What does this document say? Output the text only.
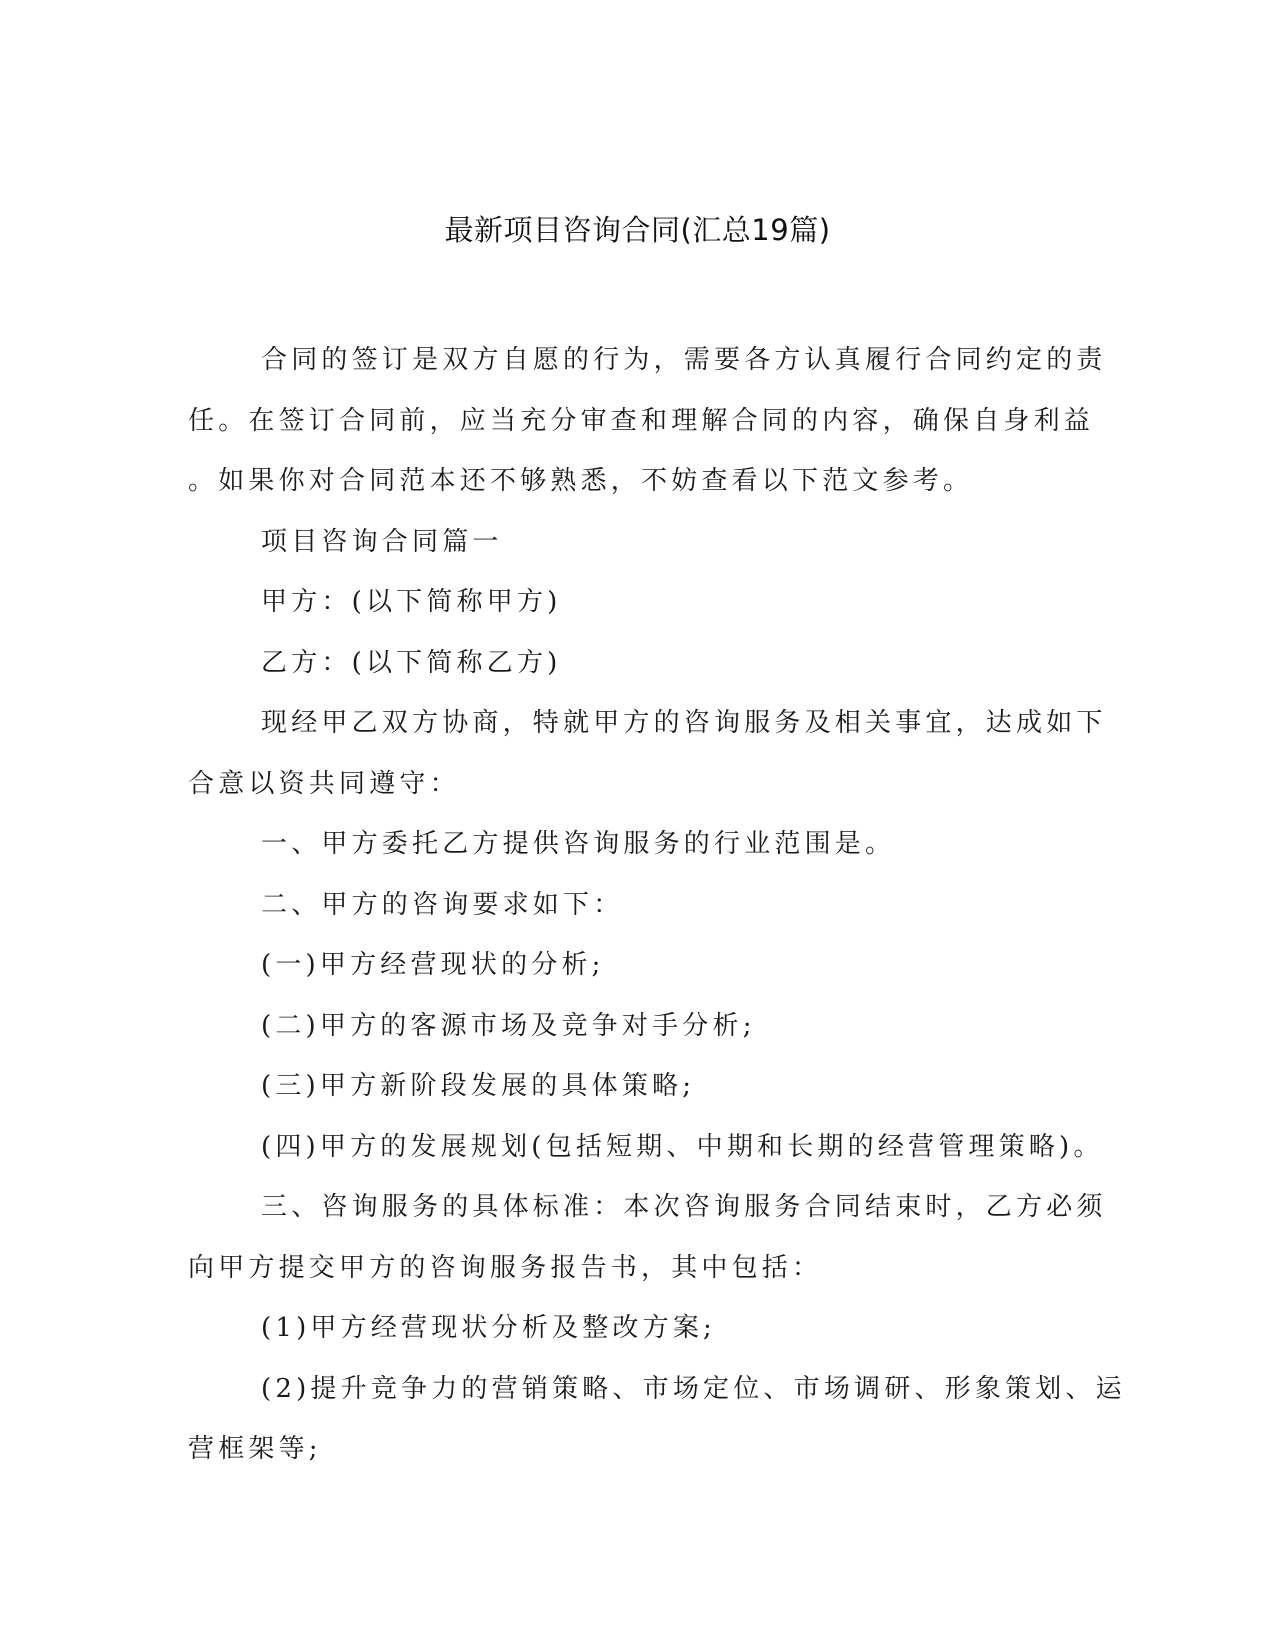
最新项目咨询合同(汇总19篇)

合同的签订是双方自愿的行为，需要各方认真履行合同约定的责

任。在签订合同前，应当充分审查和理解合同的内容，确保自身利益

。如果你对合同范本还不够熟悉，不妨查看以下范文参考。

项目咨询合同篇一

甲方：(以下简称甲方)

乙方：(以下简称乙方)

现经甲乙双方协商，特就甲方的咨询服务及相关事宜，达成如下

合意以资共同遵守：

一、甲方委托乙方提供咨询服务的行业范围是。

二、甲方的咨询要求如下：

(一)甲方经营现状的分析;

(二)甲方的客源市场及竞争对手分析;

(三)甲方新阶段发展的具体策略;

(四)甲方的发展规划(包括短期、中期和长期的经营管理策略)。

三、咨询服务的具体标准：本次咨询服务合同结束时，乙方必须

向甲方提交甲方的咨询服务报告书，其中包括：

(1)甲方经营现状分析及整改方案;

(2)提升竞争力的营销策略、市场定位、市场调研、形象策划、运

营框架等;
